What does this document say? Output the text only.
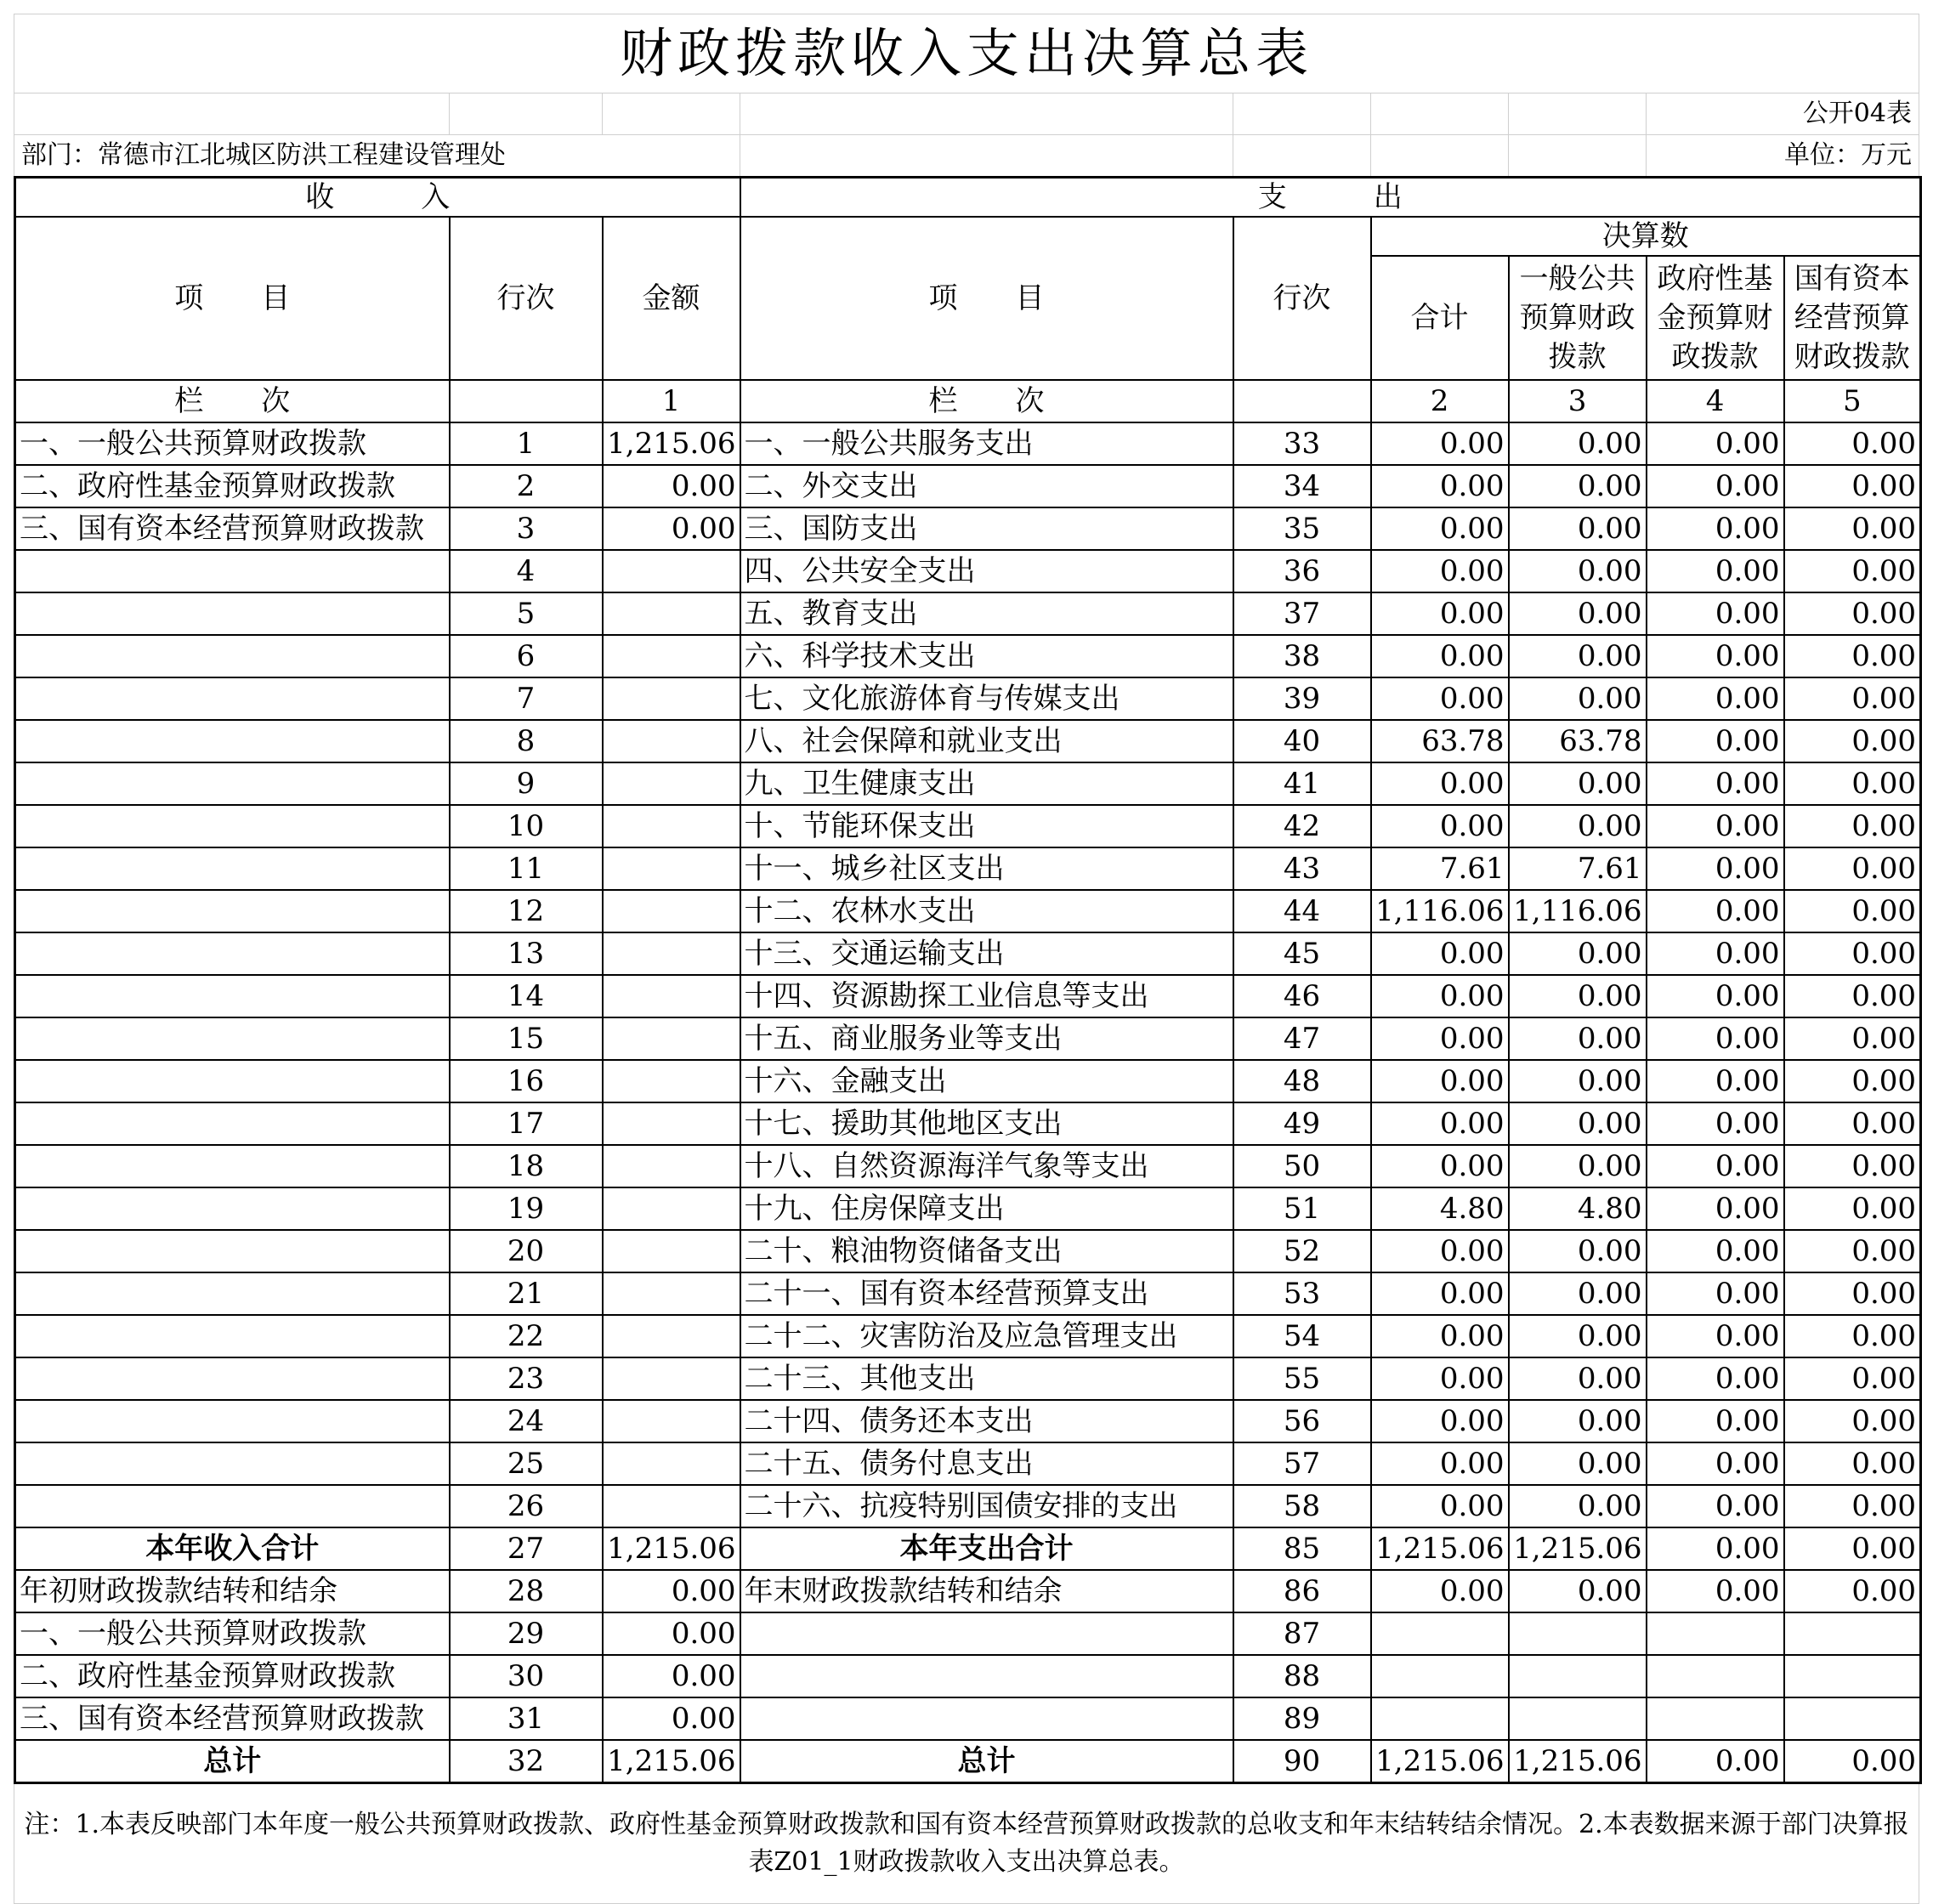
财政拨款收入支出决算总表
公开04表
部门：常德市江北城区防洪工程建设管理处	单位：万元
收　　　入			支　　　出					
项　　目	行次	金额	项　　目	行次	决算数			
					合计	一般公共预算财政拨款	政府性基金预算财政拨款	国有资本经营预算财政拨款
栏　　次		1	栏　　次		2	3	4	5
一、一般公共预算财政拨款	1	1,215.06	一、一般公共服务支出	33	0.00	0.00	0.00	0.00
二、政府性基金预算财政拨款	2	0.00	二、外交支出	34	0.00	0.00	0.00	0.00
三、国有资本经营预算财政拨款	3	0.00	三、国防支出	35	0.00	0.00	0.00	0.00
	4		四、公共安全支出	36	0.00	0.00	0.00	0.00
	5		五、教育支出	37	0.00	0.00	0.00	0.00
	6		六、科学技术支出	38	0.00	0.00	0.00	0.00
	7		七、文化旅游体育与传媒支出	39	0.00	0.00	0.00	0.00
	8		八、社会保障和就业支出	40	63.78	63.78	0.00	0.00
	9		九、卫生健康支出	41	0.00	0.00	0.00	0.00
	10		十、节能环保支出	42	0.00	0.00	0.00	0.00
	11		十一、城乡社区支出	43	7.61	7.61	0.00	0.00
	12		十二、农林水支出	44	1,116.06	1,116.06	0.00	0.00
	13		十三、交通运输支出	45	0.00	0.00	0.00	0.00
	14		十四、资源勘探工业信息等支出	46	0.00	0.00	0.00	0.00
	15		十五、商业服务业等支出	47	0.00	0.00	0.00	0.00
	16		十六、金融支出	48	0.00	0.00	0.00	0.00
	17		十七、援助其他地区支出	49	0.00	0.00	0.00	0.00
	18		十八、自然资源海洋气象等支出	50	0.00	0.00	0.00	0.00
	19		十九、住房保障支出	51	4.80	4.80	0.00	0.00
	20		二十、粮油物资储备支出	52	0.00	0.00	0.00	0.00
	21		二十一、国有资本经营预算支出	53	0.00	0.00	0.00	0.00
	22		二十二、灾害防治及应急管理支出	54	0.00	0.00	0.00	0.00
	23		二十三、其他支出	55	0.00	0.00	0.00	0.00
	24		二十四、债务还本支出	56	0.00	0.00	0.00	0.00
	25		二十五、债务付息支出	57	0.00	0.00	0.00	0.00
	26		二十六、抗疫特别国债安排的支出	58	0.00	0.00	0.00	0.00
本年收入合计	27	1,215.06	本年支出合计	85	1,215.06	1,215.06	0.00	0.00
年初财政拨款结转和结余	28	0.00	年末财政拨款结转和结余	86	0.00	0.00	0.00	0.00
一、一般公共预算财政拨款	29	0.00		87				
二、政府性基金预算财政拨款	30	0.00		88				
三、国有资本经营预算财政拨款	31	0.00		89				
总计	32	1,215.06	总计	90	1,215.06	1,215.06	0.00	0.00
注：1.本表反映部门本年度一般公共预算财政拨款、政府性基金预算财政拨款和国有资本经营预算财政拨款的总收支和年末结转结余情况。2.本表数据来源于部门决算报表Z01_1财政拨款收入支出决算总表。
